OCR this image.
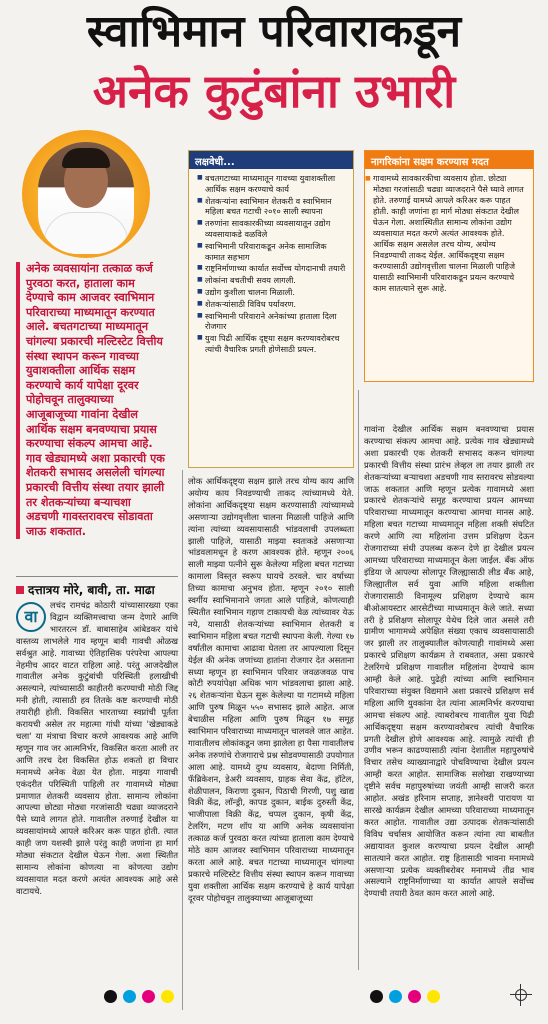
स्वाभिमान परिवाराकडून
अनेक कुटुंबांना उभारी
अनेक व्यवसायांना तत्काळ कर्ज पुरवठा करत, हाताला काम देण्याचे काम आजवर स्वाभिमान परिवाराच्या माध्यमातून करण्यात आले. बचतगटाच्या माध्यमातून चांगल्या प्रकारची मल्टिस्टेट वित्तीय संस्था स्थापन करून गावच्या युवाशक्तीला आर्थिक सक्षम करण्याचे कार्य यापेक्षा दूरवर पोहोचवून तालुक्याच्या आजूबाजूच्या गावांना देखील आर्थिक सक्षम बनवण्याचा प्रयास करण्याचा संकल्प आमचा आहे. गाव खेड्यामध्ये अशा प्रकारची एक शेतकरी सभासद असलेली चांगल्या प्रकारची वित्तीय संस्था तयार झाली तर शेतकऱ्यांच्या बऱ्याचशा अडचणी गावस्तरावरच सोडावता जाऊ शकतात.
दत्तात्रय मोरे, बावी, ता. माढा
वा
लचंद रामचंद्र कोठारी यांच्यासारख्या एका विद्वान व्यक्तिमत्त्वाचा जन्म देणारे आणि भारतरत्न डॉ. बाबासाहेब आंबेडकर यांचे वास्तव्य लाभलेले गाव म्हणून बावी गावची ओळख सर्वश्रुत आहे. गावाच्या ऐतिहासिक परंपरेचा आपल्या नेहमीच आदर वाटत राहिला आहे. परंतु आजदेखील गावातील अनेक कुटुंबांची परिस्थिती हलाखीची असल्याने, त्यांच्यासाठी काहीतरी करण्याची मोठी जिद्द मनी होती, त्यासाठी हव तितके कष्ट करण्याची मोठी तयारीही होती. विकसित भारताच्या स्वप्नांची पूर्तता करायची असेल तर महात्मा गांधी यांच्या 'खेड्याकडे चला' या मंत्राचा विचार करणे आवश्यक आहे आणि म्हणून गाव जर आत्मनिर्भर, विकसित करता आली तर आणि तरच देश विकसित होऊ शकतो हा विचार मनामध्ये अनेक वेळा येत होता. माझ्या गावाची एकंदरीत परिस्थिती पाहिली तर गावामध्ये मोठ्या प्रमाणात शेतकरी व्यवसाय होता. सामान्य लोकांना आपल्या छोट्या मोठ्या गरजांसाठी चढ्या व्याजदराने पैसे घ्यावे लागत होते. गावातील तरुणाई देखील या व्यवसायांमध्ये आपले करिअर करू पाहत होती. त्यात काही जण यशस्वी झाले परंतु काही जणांना हा मार्ग मोठ्या संकटात देखील घेऊन गेला. अशा स्थितीत सामान्य लोकांना कोणत्या ना कोणत्या उद्योग व्यवसायात मदत करणे अत्यंत आवश्यक आहे असे वाटायचे.
लक्षवेधी...
■ बचतगटाच्या माध्यमातून गावच्या युवाशक्तीला आर्थिक सक्षम करण्याचे कार्य
■ शेतकऱ्यांना स्वाभिमान शेतकरी व स्वाभिमान महिला बचत गटाची २०१० साली स्थापना
■ तरुणांना सावकारकीच्या व्यवसायातून उद्योग व्यवसायाकडे वळविले
■ स्वाभिमानी परिवाराकडून अनेक सामाजिक कामात सहभाग
■ राष्ट्रनिर्माणाच्या कार्यात सर्वोच्च योगदानाची तयारी
■ लोकांना बचतीची सवय लागली.
■ उद्योग कुशीला चालना मिळाली.
■ शेतकऱ्यांसाठी विविध पर्यावरण.
■ स्वाभिमानी परिवाराने अनेकांच्या हाताला दिला रोजगार
■ युवा पिढी आर्थिक दृष्ट्या सक्षम करण्यावरोबरच त्यांची वैचारिक प्रगती होणेसाठी प्रयत्न.
नागरिकांना सक्षम करण्यास मदत
■ गावामध्ये सावकारकीचा व्यवसाय होता. छोट्या मोठ्या गरजांसाठी चढ्या व्याजदराने पैसे घ्यावे लागत होते. तरुणाई यामध्ये आपले करिअर करू पाहत होती. काही जणांना हा मार्ग मोठ्या संकटात देखील घेऊन गेला. अशास्थितीत सामान्य लोकांना उद्योग व्यवसायात मदत करणे अत्यंत आवश्यक होते. आर्थिक सक्षम असलेल तरच योग्य, अयोग्य निवडण्याची ताकद येईल. आर्थिकदृष्ट्या सक्षम करण्यासाठी उद्योगवृत्तीला चालना मिळाली पाहिजे यासाठी स्वाभिमानी परिवाराकडून प्रयत्न करण्याचे काम सातत्याने सुरू आहे.
लोक आर्थिकदृष्ट्या सक्षम झाले तरच योग्य काय आणि अयोग्य काय निवडण्याची ताकद त्यांच्यामध्ये येते. लोकांना आर्थिकदृष्ट्या सक्षम करण्यासाठी त्यांच्यामध्ये असणाऱ्या उद्योगवृत्तीला चालना मिळाली पाहिजे आणि त्यांना त्यांच्या व्यवसायासाठी भांडवलाची उपलब्धता झाली पाहिजे, यासाठी माझ्या स्वतःकडे असणाऱ्या भांडवलामधून हे करण आवश्यक होते. म्हणून २००६ साली माझ्या पत्नीने सुरू केलेल्या महिला बचत गटाच्या कामाला विस्तृत स्वरूप घायचे ठरवले. चार वर्षाच्या तिच्या कामाचा अनुभव होता. म्हणून २०१० साली स्वर्गीय स्वाभिमानाने जगता आले पाहिजे, कोणत्याही स्थितीत स्वाभिमान गहाण टाकायची वेळ त्यांच्यावर येऊ नये, यासाठी शेतकऱ्यांच्या स्वाभिमान शेतकरी व स्वाभिमान महिला बचत गटाची स्थापना केली. गेल्या १७ वर्षांतील कामाचा आढावा घेतला तर आपल्याला दिसून येईल की अनेक जणांच्या हातांना रोजगार देत असताना सध्या म्हणून हा स्वाभिमान परिवार जवळजवळ पाच कोटी रुपयांपेक्षा अधिक भाग भांडवलाचा झाला आहे. २६ शेतकऱ्यांना घेऊन सुरू केलेल्या या गटामध्ये महिला आणि पुरुष मिळून ५५० सभासद झाले आहेत. आज बेचाळीस महिला आणि पुरुष मिळून १७ समूह स्वाभिमान परिवाराच्या माध्यमातून चालवले जात आहेत. गावातीलच लोकांकडून जमा झालेला हा पैसा गावातीलच अनेक तरुणांचे रोजगाराचे प्रश्न सोडवण्यासाठी उपयोगात आला आहे. यामध्ये दुग्ध व्यवसाय, बेदाणा निर्मिती, फॅब्रिकेशन, डेअरी व्यवसाय, ग्राहक सेवा केंद्र, हॉटेल, शेळीपालन, किराणा दुकान, पिठाची गिरणी, पशु खाद्य विक्री केंद्र, लॉन्ड्री, कापड दुकान, बाईक दुरुस्ती केंद्र, भाजीपाला विक्री केंद्र, चप्पल दुकान, कृषी केंद्र, टेलरिंग, मटण शॉप या आणि अनेक व्यवसायांना तत्काळ कर्ज पुरवठा करत त्यांच्या हाताला काम देण्याचे मोठे काम आजवर स्वाभिमान परिवाराच्या माध्यमातून करता आले आहे. बचत गटाच्या माध्यमातून चांगल्या प्रकारचे मल्टिस्टेट वित्तीय संस्था स्थापन करून गावाच्या युवा शक्तीला आर्थिक सक्षम करण्याचे हे कार्य यापेक्षा दूरवर पोहोचवून तालुक्याच्या आजूबाजूच्या
गावांना देखील आर्थिक सक्षम बनवण्याचा प्रयास करण्याचा संकल्प आमचा आहे. प्रत्येक गाव खेड्यामध्ये अशा प्रकारची एक शेतकरी सभासद करून चांगल्या प्रकारची वित्तीय संस्था प्रारंभ लेव्हल ला तयार झाली तर शेतकऱ्यांच्या बऱ्याचशा अडचणी गाव स्तरावरच सोडवल्या जाऊ शकतात आणि म्हणून प्रत्येक गावामध्ये अशा प्रकारचे शेतकऱ्यांचे समूह करण्याचा प्रयत्न आमच्या परिवाराच्या माध्यमातून करण्याचा आमचा मानस आहे. महिला बचत गटाच्या माध्यमातून महिला शक्ती संघटित करणे आणि त्या महिलांना उत्तम प्रशिक्षण देऊन रोजगाराच्या संधी उपलब्ध करून देणे हा देखील प्रयत्न आमच्या परिवाराच्या माध्यमातून केला जाईल. बँक ऑफ इंडिया जे आपल्या सोलापूर जिल्ह्यासाठी लीड बँक आहे, जिल्ह्यातील सर्व युवा आणि महिला शक्तीला रोजगारासाठी विनामूल्य प्रशिक्षण देण्याचे काम बीओआयस्टार आरसेटीच्या माध्यमातून केले जाते. सध्या तरी हे प्रशिक्षण सोलापूर येथेच दिले जात असले तरी ग्रामीण भागामध्ये अपेक्षित संख्या एकाच व्यवसायासाठी जर झाली तर तालुक्यातील कोणत्याही गावांमध्ये असा प्रकारचे प्रशिक्षण कार्यक्रम ते राबवतात, असा प्रकारचे टेलरिंगचे प्रशिक्षण गावातील महिलांना देण्याचे काम आम्ही केले आहे. पुढेही त्यांच्या आणि स्वाभिमान परिवाराच्या संयुक्त विद्यमाने अशा प्रकारचे प्रशिक्षण सर्व महिला आणि युवकांना देत त्यांना आत्मनिर्भर करण्याचा आमचा संकल्प आहे. त्याबरोबरच गावातील युवा पिढी आर्थिकदृष्ट्या सक्षम करण्यावरोबरच त्यांची वैचारिक प्रगती देखील होणे आवश्यक आहे. त्यामुळे त्यांची ही उणीव भरून काढण्यासाठी त्यांना देशातील महापुरुषांचे विचार तसेच व्याख्यानाद्वारे पोचविण्याचा देखील प्रयत्न आम्ही करत आहोत. सामाजिक सलोखा राखण्याच्या दृष्टीने सर्वच महापुरुषांच्या जयंती आम्ही साजरी करत आहोत. अखंड हरिनाम सप्ताह, ज्ञानेश्वरी पारायण या सारखे कार्यक्रम देखील आमच्या परिवाराच्या माध्यमातून करत आहोत. गावातील उद्या उत्पादक शेतकऱ्यांसाठी विविध चर्चासत्र आयोजित करून त्यांना त्या बाबतीत अद्यायावत कुशल करण्याचा प्रयत्न देखील आम्ही सातत्याने करत आहोत. राष्ट्र हितासाठी भावना मनामध्ये असणाऱ्या प्रत्येक व्यक्तीबरोबर मनामध्ये तीव्र भाव असल्याने राष्ट्रनिर्माणाच्या या कार्यात आपले सर्वोच्च देण्याची तयारी ठेवत काम करत आलो आहे.
